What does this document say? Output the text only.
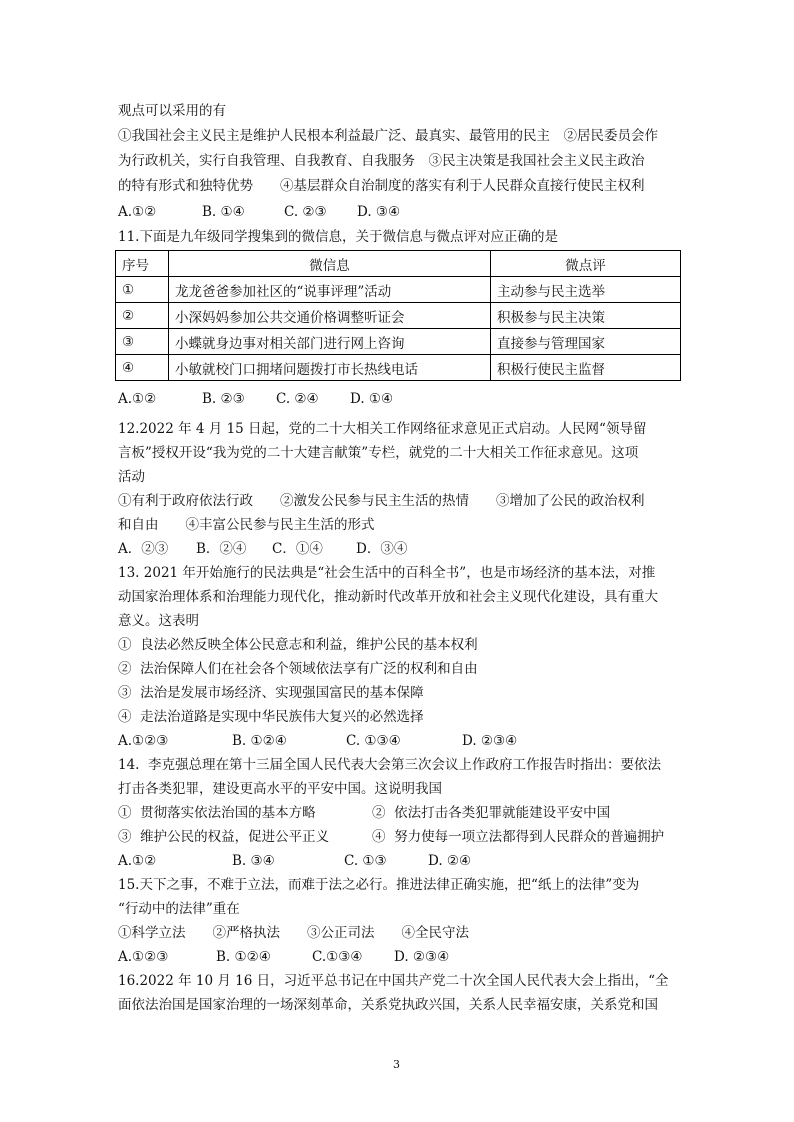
观点可以采用的有
①我国社会主义民主是维护人民根本利益最广泛、最真实、最管用的民主　②居民委员会作
为行政机关，实行自我管理、自我教育、自我服务　③民主决策是我国社会主义民主政治
的特有形式和独特优势　　④基层群众自治制度的落实有利于人民群众直接行使民主权利
A.①②	B. ①④	C. ②③ D. ③④
11.下面是九年级同学搜集到的微信息，关于微信息与微点评对应正确的是
序号	微信息	微点评
①	龙龙爸爸参加社区的“说事评理”活动	主动参与民主选举
②	小深妈妈参加公共交通价格调整听证会	积极参与民主决策
③	小蝶就身边事对相关部门进行网上咨询	直接参与管理国家
④	小敏就校门口拥堵问题拨打市长热线电话	积极行使民主监督
A.①②	B. ②③ C. ②④ D. ①④
12.2022 年 4 月 15 日起，党的二十大相关工作网络征求意见正式启动。人民网“领导留
言板”授权开设“我为党的二十大建言献策”专栏，就党的二十大相关工作征求意见。这项
活动
①有利于政府依法行政　　②激发公民参与民主生活的热情　　③增加了公民的政治权利
和自由　　④丰富公民参与民主生活的形式
A．②③ B．②④ C．①④ D．③④
13. 2021 年开始施行的民法典是“社会生活中的百科全书”，也是市场经济的基本法，对推
动国家治理体系和治理能力现代化，推动新时代改革开放和社会主义现代化建设，具有重大
意义。这表明
①  良法必然反映全体公民意志和利益，维护公民的基本权利
②  法治保障人们在社会各个领域依法享有广泛的权利和自由
③  法治是发展市场经济、实现强国富民的基本保障
④  走法治道路是实现中华民族伟大复兴的必然选择
A.①②③	B. ①②④	C. ①③④	D. ②③④
14.  李克强总理在第十三届全国人民代表大会第三次会议上作政府工作报告时指出：要依法
打击各类犯罪，建设更高水平的平安中国。这说明我国
①  贯彻落实依法治国的基本方略	②  依法打击各类犯罪就能建设平安中国
③  维护公民的权益，促进公平正义	④  努力使每一项立法都得到人民群众的普遍拥护
A.①②	B. ③④	C. ①③	D. ②④
15.天下之事，不难于立法，而难于法之必行。推进法律正确实施，把“纸上的法律”变为
“行动中的法律”重在
①科学立法　　②严格执法　　③公正司法　　④全民守法
A.①②③	B. ①②④	C.①③④ D. ②③④
16.2022 年 10 月 16 日，习近平总书记在中国共产党二十次全国人民代表大会上指出，“全
面依法治国是国家治理的一场深刻革命，关系党执政兴国，关系人民幸福安康，关系党和国
3
